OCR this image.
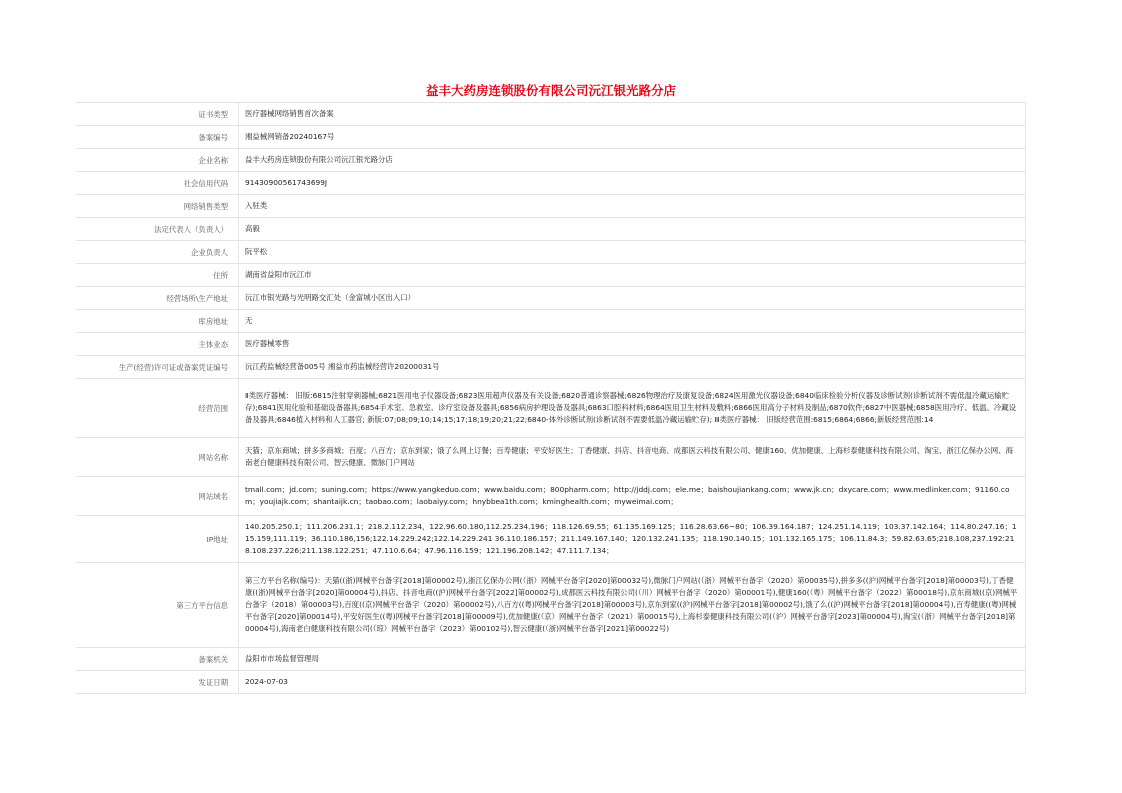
益丰大药房连锁股份有限公司沅江银光路分店
证书类型	医疗器械网络销售首次备案
备案编号	湘益械网销备20240167号
企业名称	益丰大药房连锁股份有限公司沅江银光路分店
社会信用代码	91430900561743699J
网络销售类型	入驻类
法定代表人（负责人）	高毅
企业负责人	阮平松
住所	湖南省益阳市沅江市
经营场所\生产地址	沅江市银光路与光明路交汇处（金富城小区出入口）
库房地址	无
主体业态	医疗器械零售
生产(经营)许可证或备案凭证编号	沅江药监械经营备005号 湘益市药监械经营许20200031号
经营范围	Ⅱ类医疗器械： 旧版:6815注射穿刺器械;6821医用电子仪器设备;6823医用超声仪器及有关设备;6820普通诊察器械;6826物理治疗及康复设备;6824医用激光仪器设备;6840临床检验分析仪器及诊断试剂(诊断试剂不需低温冷藏运输贮存);6841医用化验和基础设备器具;6854手术室、急救室、诊疗室设备及器具;6856病房护理设备及器具;6863口腔科材料;6864医用卫生材料及敷料;6866医用高分子材料及制品;6870软件;6827中医器械;6858医用冷疗、低温、冷藏设备及器具;6846植入材料和人工器官; 新版:07;08;09;10;14;15;17;18;19;20;21;22;6840-体外诊断试剂(诊断试剂不需要低温冷藏运输贮存); Ⅲ类医疗器械： 旧版经营范围:6815;6864;6866;新版经营范围:14
网站名称	天猫；京东商城；拼多多商城；百度；八百方；京东到家；饿了么网上订餐；百寿健康；平安好医生；丁香健康、抖店、抖音电商、成都医云科技有限公司、健康160、优加健康、上海杉泰健康科技有限公司、淘宝、浙江亿保办公网、海南老白健康科技有限公司、智云健康、微脉门户网站
网站域名	tmall.com；jd.com；suning.com；https://www.yangkeduo.com；www.baidu.com；800pharm.com；http://jddj.com；ele.me；baishoujiankang.com；www.jk.cn；dxycare.com；www.medlinker.com；91160.com；youjiajk.com；shantaijk.cn；taobao.com；laobaiyy.com；hnybbea1th.com；kminghealth.com；myweimai.com；
IP地址	140.205.250.1；111.206.231.1；218.2.112.234，122.96.60.180,112.25.234.196；118.126.69.55；61.135.169.125；116.28.63.66~80；106.39.164.187；124.251.14.119；103.37.142.164；114.80.247.16；115.159,111.119；36.110.186,156;122.14.229.242;122.14.229.241 36.110.186.157；211.149.167.140；120.132.241.135；118.190.140.15；101.132.165.175；106.11.84.3；59.82.63.65;218.108,237.192:218.108.237.226;211.138.122.251；47.110.6.64；47.96.116.159；121.196.208.142；47.111.7.134；
第三方平台信息	第三方平台名称(编号)：天猫((浙)网械平台备字[2018]第00002号),浙江亿保办公网(（浙）网械平台备字[2020]第00032号),微脉门户网站(（浙）网械平台备字（2020）第00035号),拼多多((沪)网械平台备字[2018]第00003号),丁香健康((浙)网械平台备字[2020]第00004号),抖店、抖音电商((沪)网械平台备字[2022]第00002号),成都医云科技有限公司(（川）网械平台备字（2020）第00001号),健康160(（粤）网械平台备字（2022）第00018号),京东商城((京)网械平台备字（2018）第00003号),百度((京)网械平台备字（2020）第00002号),八百方((粤)网械平台备字[2018]第00003号),京东到家((沪)网械平台备字[2018]第00002号),饿了么((沪)网械平台备字[2018]第00004号),百寿健康((粤)网械平台备字[2020]第00014号),平安好医生((粤)网械平台备字[2018]第00009号),优加健康(（京）网械平台备字（2021）第00015号),上海杉泰健康科技有限公司(（沪）网械平台备字[2023]第00004号),淘宝(（浙）网械平台备字[2018]第00004号),海南老白健康科技有限公司(（琼）网械平台备字（2023）第00102号),智云健康(（浙)网械平台备字[2021]第00022号)
备案机关	益阳市市场监督管理局
发证日期	2024-07-03
